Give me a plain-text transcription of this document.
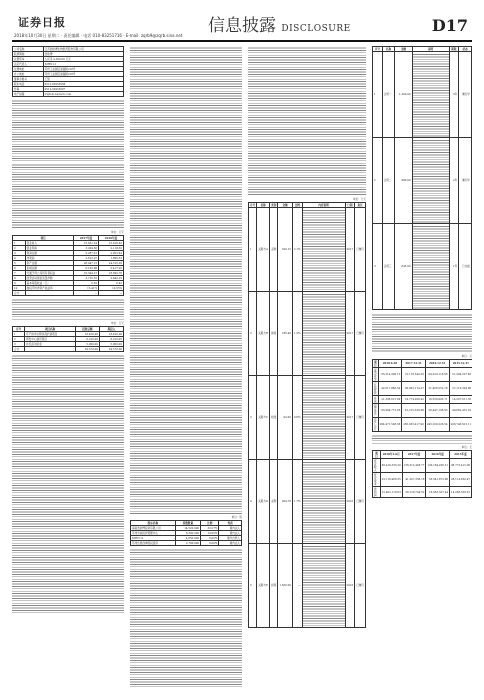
证券日报
2018年10月30日 星期二 · 责任编辑 · 电话 010-83251716 · E-mail: zqrb9@zqrb.sina.net 信息披露 DISCLOSURE	D17
公司名称	江苏浩欧博生物医药股份有限公司
股票简称	浩欧博
注册资本	人民币 4,500.00 万元
法定代表人	JOHN LI
注册地址	苏州工业园区星湖街218号
办公地址	苏州工业园区星湖街218号
董事会秘书	王凯
联系电话	0512-62956588
传真	0512-62956587
电子信箱	ir@hob-biotech.com
单位：万元
项目		2017年度	2016年度
1	营业收入	15,631.24	12,018.42
2	营业利润	3,204.56	2,118.30
3	利润总额	3,287.91	2,205.64
4	净利润	2,812.07	1,896.33
5	资产总额	28,447.15	24,310.02
6	负债总额	6,102.88	5,417.26
7	归属于母公司所有者权益	22,344.27	18,892.76
8	经营活动现金流量净额	3,716.52	2,640.19
9	基本每股收益（元）	0.62	0.42
10	加权平均净资产收益率	13.41%	10.55%
合计		—	—
单位：万元
序号	项目名称	投资总额	拟投入
1	年产体外诊断试剂扩建项目	18,420.00	18,420.00
2	研发中心建设项目	6,150.00	6,150.00
3	补充流动资金	5,000.00	5,000.00
合计		29,570.00	29,570.00
单位：股
股东名称	持股数量	比例	性质
海南浩欧博投资有限公司	14,520,000	32.27%	境内法人
苏州外润投资管理中心	6,300,000	14.00%	境内法人
JOHN LI	4,050,000	9.00%	境外自然人
苏州达晨创坤股权投资	2,700,000	6.00%	境内法人
单位：万元
序号	名称	类别	金额	比例	内容说明	日期	备注
1	关联方A	采购	320.15	2.1%		2017	已履行
2	关联方B	销售	186.40	1.2%		2017	已履行
3	关联方C	租赁	92.00	0.6%		2017	已履行
4	关联方D	采购	264.78	1.7%		2016	已履行
5	关联方E	担保	1,500.00	—		2016	已履行
序号	名称	金额	说明	期限	状态
1	合同一	1,260.00		3年	履行中
2	合同二	980.00		2年	履行中
3	合同三	645.00		1年	已完成
单位：元
项目	2018.6.30	2017.12.31	2016.12.31	2015.12.31
货币资金	85,214,306.12	72,118,540.33	64,220,118.06	51,384,227.40
应收账款	42,617,880.54	38,902,114.27	31,406,552.18	27,119,304.66
存货	21,338,615.09	19,774,208.42	16,558,903.71	14,207,611.35
固定资产	63,904,772.26	61,215,330.08	58,447,106.93	49,882,415.22
资产总计	284,471,508.36	265,033,417.90	243,100,226.54	208,746,913.11
单位：元
项目	2018年1-6月	2017年度	2016年度	2015年度
营业收入	82,416,335.20	156,312,408.77	120,184,206.51	98,773,415.06
营业成本	22,118,406.35	41,207,336.18	33,541,872.90	28,114,650.47
净利润	15,402,118.63	28,120,704.52	18,963,307.44	14,208,556.81
